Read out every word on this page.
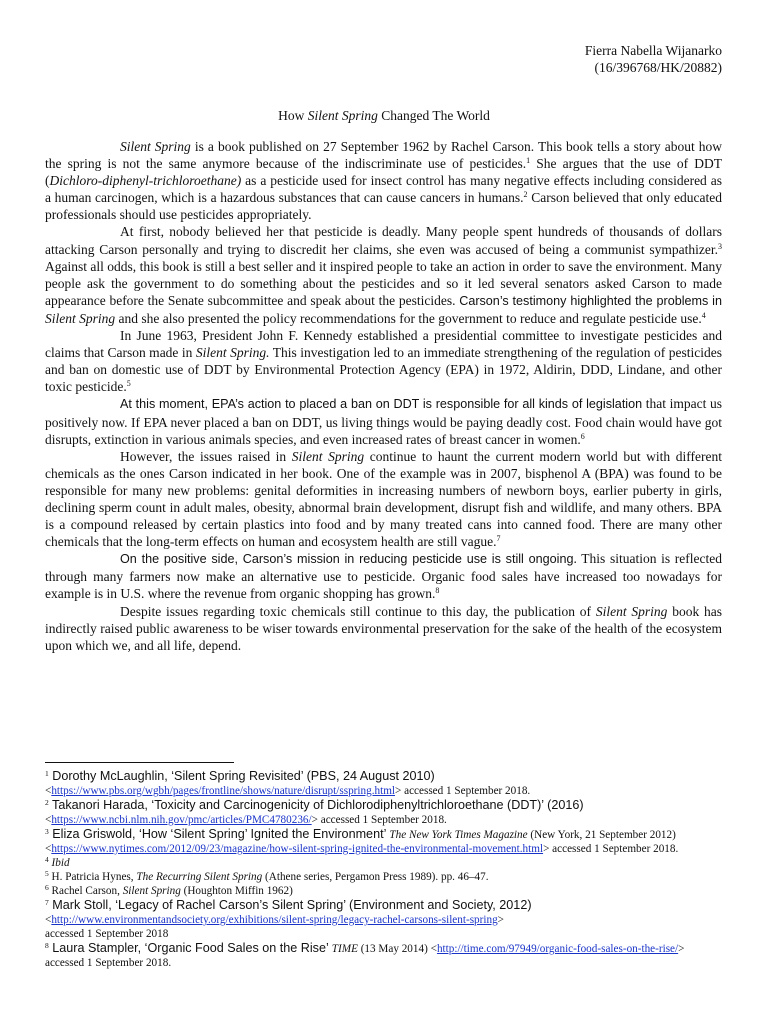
Fierra Nabella Wijanarko
(16/396768/HK/20882)
How Silent Spring Changed The World

Silent Spring is a book published on 27 September 1962 by Rachel Carson. This book tells a story about how the spring is not the same anymore because of the indiscriminate use of pesticides.$^1$ She argues that the use of DDT (Dichloro-diphenyl-trichloroethane) as a pesticide used for insect control has many negative effects including considered as a human carcinogen, which is a hazardous substances that can cause cancers in humans.$^2$ Carson believed that only educated professionals should use pesticides appropriately.

At first, nobody believed her that pesticide is deadly. Many people spent hundreds of thousands of dollars attacking Carson personally and trying to discredit her claims, she even was accused of being a communist sympathizer.$^3$ Against all odds, this book is still a best seller and it inspired people to take an action in order to save the environment. Many people ask the government to do something about the pesticides and so it led several senators asked Carson to made appearance before the Senate subcommittee and speak about the pesticides. Carson’s testimony highlighted the problems in Silent Spring and she also presented the policy recommendations for the government to reduce and regulate pesticide use.$^4$

In June 1963, President John F. Kennedy established a presidential committee to investigate pesticides and claims that Carson made in Silent Spring. This investigation led to an immediate strengthening of the regulation of pesticides and ban on domestic use of DDT by Environmental Protection Agency (EPA) in 1972, Aldirin, DDD, Lindane, and other toxic pesticide.$^5$

At this moment, EPA’s action to placed a ban on DDT is responsible for all kinds of legislation that impact us positively now. If EPA never placed a ban on DDT, us living things would be paying deadly cost. Food chain would have got disrupts, extinction in various animals species, and even increased rates of breast cancer in women.$^6$

However, the issues raised in Silent Spring continue to haunt the current modern world but with different chemicals as the ones Carson indicated in her book. One of the example was in 2007, bisphenol A (BPA) was found to be responsible for many new problems: genital deformities in increasing numbers of newborn boys, earlier puberty in girls, declining sperm count in adult males, obesity, abnormal brain development, disrupt fish and wildlife, and many others. BPA is a compound released by certain plastics into food and by many treated cans into canned food. There are many other chemicals that the long-term effects on human and ecosystem health are still vague.$^7$

On the positive side, Carson’s mission in reducing pesticide use is still ongoing. This situation is reflected through many farmers now make an alternative use to pesticide. Organic food sales have increased too nowadays for example is in U.S. where the revenue from organic shopping has grown.$^8$

Despite issues regarding toxic chemicals still continue to this day, the publication of Silent Spring book has indirectly raised public awareness to be wiser towards environmental preservation for the sake of the health of the ecosystem upon which we, and all life, depend.

$^1$ Dorothy McLaughlin, ‘Silent Spring Revisited’ (PBS, 24 August 2010)
<https://www.pbs.org/wgbh/pages/frontline/shows/nature/disrupt/sspring.html> accessed 1 September 2018.
$^2$ Takanori Harada, ‘Toxicity and Carcinogenicity of Dichlorodiphenyltrichloroethane (DDT)’ (2016)
<https://www.ncbi.nlm.nih.gov/pmc/articles/PMC4780236/> accessed 1 September 2018.
$^3$ Eliza Griswold, ‘How ‘Silent Spring’ Ignited the Environment’ The New York Times Magazine (New York, 21 September 2012) <https://www.nytimes.com/2012/09/23/magazine/how-silent-spring-ignited-the-environmental-movement.html> accessed 1 September 2018.
$^4$ Ibid
$^5$ H. Patricia Hynes, The Recurring Silent Spring (Athene series, Pergamon Press 1989). pp. 46–47.
$^6$ Rachel Carson, Silent Spring (Houghton Miffin 1962)
$^7$ Mark Stoll, ‘Legacy of Rachel Carson’s Silent Spring’ (Environment and Society, 2012)
<http://www.environmentandsociety.org/exhibitions/silent-spring/legacy-rachel-carsons-silent-spring>
accessed 1 September 2018
$^8$ Laura Stampler, ‘Organic Food Sales on the Rise’ TIME (13 May 2014) <http://time.com/97949/organic-food-sales-on-the-rise/> accessed 1 September 2018.
